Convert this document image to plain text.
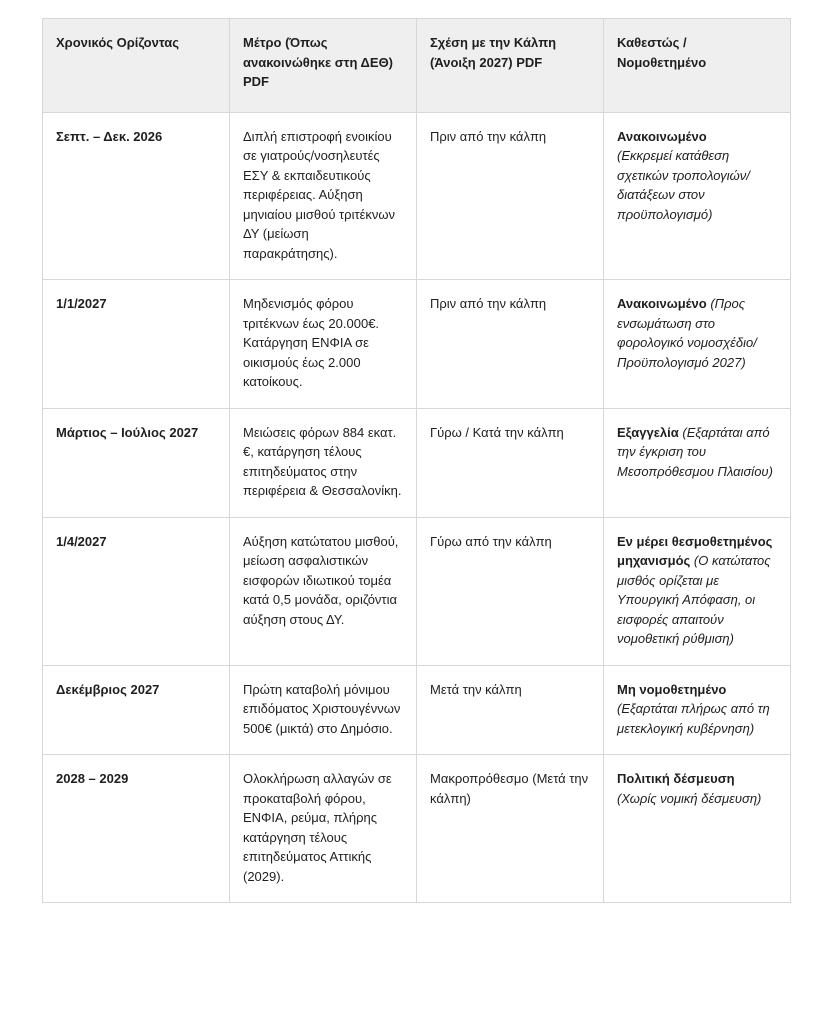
Χρονικός Ορίζοντας	Μέτρο (Όπως ανακοινώθηκε στη ΔΕΘ) PDF	Σχέση με την Κάλπη (Άνοιξη 2027) PDF	Καθεστώς / Νομοθετημένο
Σεπτ. – Δεκ. 2026	Διπλή επιστροφή ενοικίου σε γιατρούς/νοσηλευτές ΕΣΥ & εκπαιδευτικούς περιφέρειας. Αύξηση μηνιαίου μισθού τριτέκνων ΔΥ (μείωση παρακράτησης).	Πριν από την κάλπη	Ανακοινωμένο
(Εκκρεμεί κατάθεση σχετικών τροπολογιών/διατάξεων στον προϋπολογισμό)
1/1/2027	Μηδενισμός φόρου τριτέκνων έως 20.000€. Κατάργηση ΕΝΦΙΑ σε οικισμούς έως 2.000 κατοίκους.	Πριν από την κάλπη	Ανακοινωμένο (Προς ενσωμάτωση στο φορολογικό νομοσχέδιο/Προϋπολογισμό 2027)
Μάρτιος – Ιούλιος 2027	Μειώσεις φόρων 884 εκατ. €, κατάργηση τέλους επιτηδεύματος στην περιφέρεια & Θεσσαλονίκη.	Γύρω / Κατά την κάλπη	Εξαγγελία (Εξαρτάται από την έγκριση του Μεσοπρόθεσμου Πλαισίου)
1/4/2027	Αύξηση κατώτατου μισθού, μείωση ασφαλιστικών εισφορών ιδιωτικού τομέα κατά 0,5 μονάδα, οριζόντια αύξηση στους ΔΥ.	Γύρω από την κάλπη	Εν μέρει θεσμοθετημένος μηχανισμός (Ο κατώτατος μισθός ορίζεται με Υπουργική Απόφαση, οι εισφορές απαιτούν νομοθετική ρύθμιση)
Δεκέμβριος 2027	Πρώτη καταβολή μόνιμου επιδόματος Χριστουγέννων 500€ (μικτά) στο Δημόσιο.	Μετά την κάλπη	Μη νομοθετημένο
(Εξαρτάται πλήρως από τη μετεκλογική κυβέρνηση)
2028 – 2029	Ολοκλήρωση αλλαγών σε προκαταβολή φόρου, ΕΝΦΙΑ, ρεύμα, πλήρης κατάργηση τέλους επιτηδεύματος Αττικής (2029).	Μακροπρόθεσμο (Μετά την κάλπη)	Πολιτική δέσμευση
(Χωρίς νομική δέσμευση)
